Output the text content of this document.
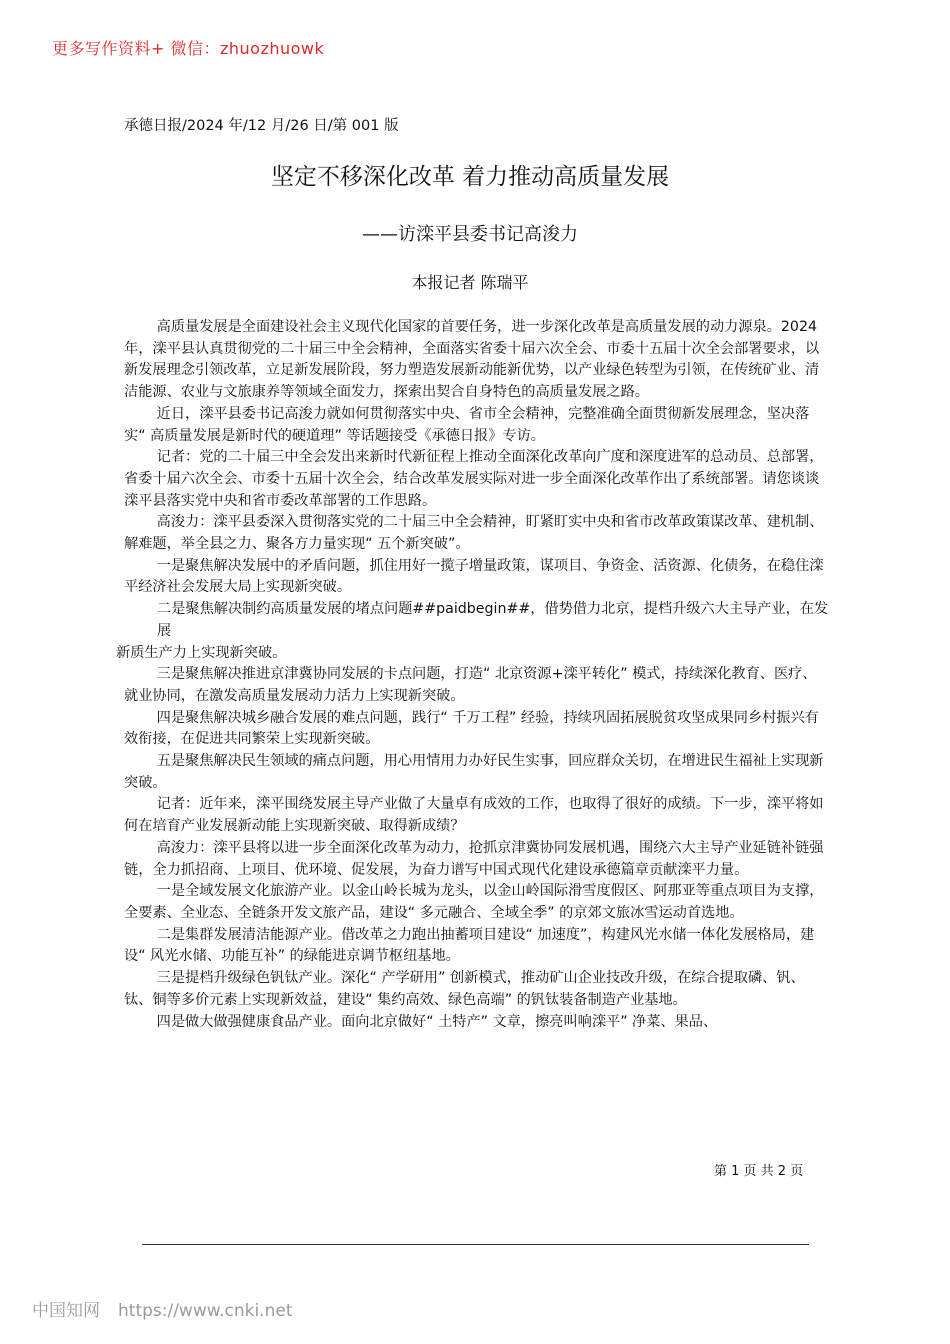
更多写作资料+ 微信：zhuozhuowk
承德日报/2024 年/12 月/26 日/第 001 版
坚定不移深化改革 着力推动高质量发展
——访滦平县委书记高浚力
本报记者 陈瑞平

高质量发展是全面建设社会主义现代化国家的首要任务，进一步深化改革是高质量发展的动力源泉。2024 年，滦平县认真贯彻党的二十届三中全会精神，全面落实省委十届六次全会、市委十五届十次全会部署要求，以新发展理念引领改革，立足新发展阶段，努力塑造发展新动能新优势，以产业绿色转型为引领，在传统矿业、清洁能源、农业与文旅康养等领域全面发力，探索出契合自身特色的高质量发展之路。

近日，滦平县委书记高浚力就如何贯彻落实中央、省市全会精神，完整准确全面贯彻新发展理念，坚决落实“ 高质量发展是新时代的硬道理” 等话题接受《承德日报》专访。

记者：党的二十届三中全会发出来新时代新征程上推动全面深化改革向广度和深度进军的总动员、总部署，省委十届六次全会、市委十五届十次全会，结合改革发展实际对进一步全面深化改革作出了系统部署。请您谈谈滦平县落实党中央和省市委改革部署的工作思路。

高浚力：滦平县委深入贯彻落实党的二十届三中全会精神，盯紧盯实中央和省市改革政策谋改革、建机制、解难题，举全县之力、聚各方力量实现“ 五个新突破”。

一是聚焦解决发展中的矛盾问题，抓住用好一揽子增量政策，谋项目、争资金、活资源、化债务，在稳住滦平经济社会发展大局上实现新突破。

二是聚焦解决制约高质量发展的堵点问题##paidbegin##，借势借力北京，提档升级六大主导产业，在发
展
新质生产力上实现新突破。

三是聚焦解决推进京津冀协同发展的卡点问题，打造“ 北京资源+滦平转化” 模式，持续深化教育、医疗、就业协同，在激发高质量发展动力活力上实现新突破。

四是聚焦解决城乡融合发展的难点问题，践行“ 千万工程” 经验，持续巩固拓展脱贫攻坚成果同乡村振兴有效衔接，在促进共同繁荣上实现新突破。

五是聚焦解决民生领域的痛点问题，用心用情用力办好民生实事，回应群众关切，在增进民生福祉上实现新突破。

记者：近年来，滦平围绕发展主导产业做了大量卓有成效的工作，也取得了很好的成绩。下一步，滦平将如何在培育产业发展新动能上实现新突破、取得新成绩？

高浚力：滦平县将以进一步全面深化改革为动力，抢抓京津冀协同发展机遇，围绕六大主导产业延链补链强链，全力抓招商、上项目、优环境、促发展，为奋力谱写中国式现代化建设承德篇章贡献滦平力量。

一是全域发展文化旅游产业。以金山岭长城为龙头，以金山岭国际滑雪度假区、阿那亚等重点项目为支撑，全要素、全业态、全链条开发文旅产品，建设“ 多元融合、全域全季” 的京郊文旅冰雪运动首选地。

二是集群发展清洁能源产业。借改革之力跑出抽蓄项目建设“ 加速度”，构建风光水储一体化发展格局，建设“ 风光水储、功能互补” 的绿能进京调节枢纽基地。

三是提档升级绿色钒钛产业。深化“ 产学研用” 创新模式，推动矿山企业技改升级，在综合提取磷、钒、钛、铜等多价元素上实现新效益，建设“ 集约高效、绿色高端” 的钒钛装备制造产业基地。

四是做大做强健康食品产业。面向北京做好“ 土特产” 文章，擦亮叫响滦平” 净菜、果品、

第 1 页 共 2 页
中国知网 https://www.cnki.net
